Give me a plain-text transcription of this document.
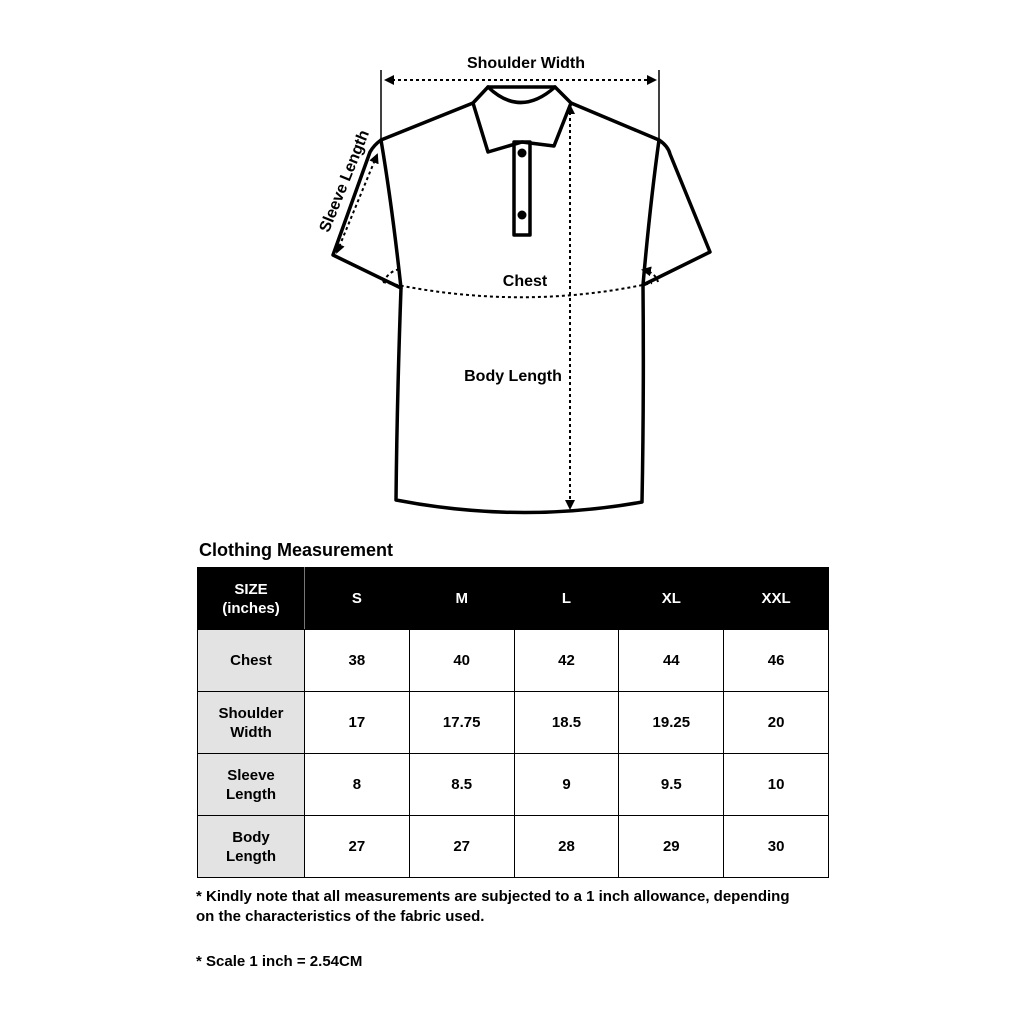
Shoulder Width
Sleeve Length
Chest
Body Length
Clothing Measurement
SIZE
(inches)	S	M	L	XL	XXL
Chest	38	40	42	44	46
Shoulder
Width	17	17.75	18.5	19.25	20
Sleeve
Length	8	8.5	9	9.5	10
Body
Length	27	27	28	29	30

* Kindly note that all measurements are subjected to a 1 inch allowance, depending on the characteristics of the fabric used.

* Scale 1 inch = 2.54CM
